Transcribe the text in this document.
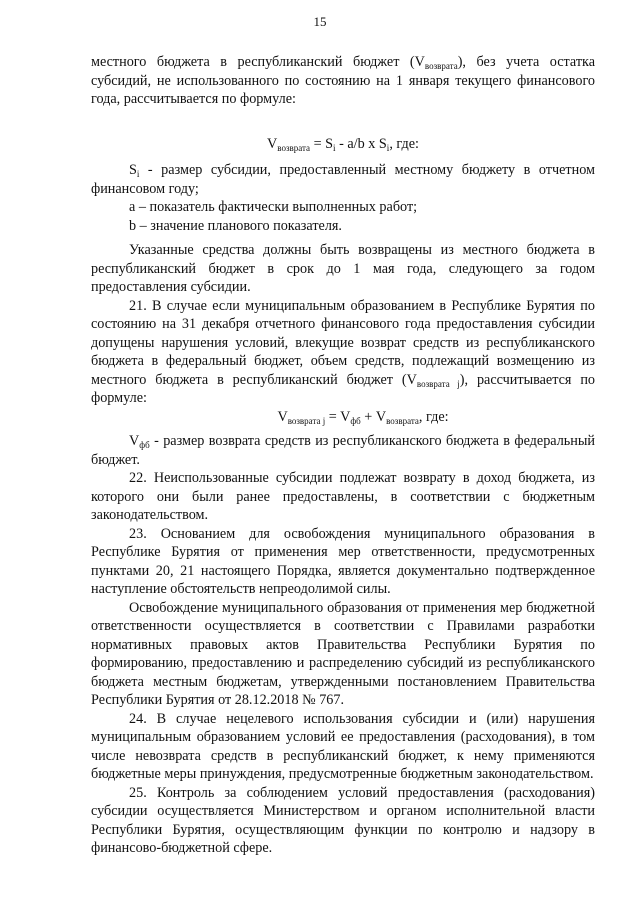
15

местного бюджета в республиканский бюджет $(V_{возврата})$, без учета остатка субсидий, не использованного по состоянию на 1 января текущего финансового года, рассчитывается по формуле:

$V_{возврата} = S_i - a/b$ x $S_i$, где:

$S_i$ - размер субсидии, предоставленный местному бюджету в отчетном финансовом году;

a – показатель фактически выполненных работ;

b – значение планового показателя.

Указанные средства должны быть возвращены из местного бюджета в республиканский бюджет в срок до 1 мая года, следующего за годом предоставления субсидии.

21. В случае если муниципальным образованием в Республике Бурятия по состоянию на 31 декабря отчетного финансового года предоставления субсидии допущены нарушения условий, влекущие возврат средств из республиканского бюджета в федеральный бюджет, объем средств, подлежащий возмещению из местного бюджета в республиканский бюджет $(V_{возврата j})$, рассчитывается по формуле:

$V_{возврата j} = V_{фб} + V_{возврата}$, где:

$V_{фб}$ - размер возврата средств из республиканского бюджета в федеральный бюджет.

22. Неиспользованные субсидии подлежат возврату в доход бюджета, из которого они были ранее предоставлены, в соответствии с бюджетным законодательством.

23. Основанием для освобождения муниципального образования в Республике Бурятия от применения мер ответственности, предусмотренных пунктами 20, 21 настоящего Порядка, является документально подтвержденное наступление обстоятельств непреодолимой силы.

Освобождение муниципального образования от применения мер бюджетной ответственности осуществляется в соответствии с Правилами разработки нормативных правовых актов Правительства Республики Бурятия по формированию, предоставлению и распределению субсидий из республиканского бюджета местным бюджетам, утвержденными постановлением Правительства Республики Бурятия от 28.12.2018 № 767.

24. В случае нецелевого использования субсидии и (или) нарушения муниципальным образованием условий ее предоставления (расходования), в том числе невозврата средств в республиканский бюджет, к нему применяются бюджетные меры принуждения, предусмотренные бюджетным законодательством.

25. Контроль за соблюдением условий предоставления (расходования) субсидии осуществляется Министерством и органом исполнительной власти Республики Бурятия, осуществляющим функции по контролю и надзору в финансово-бюджетной сфере.
